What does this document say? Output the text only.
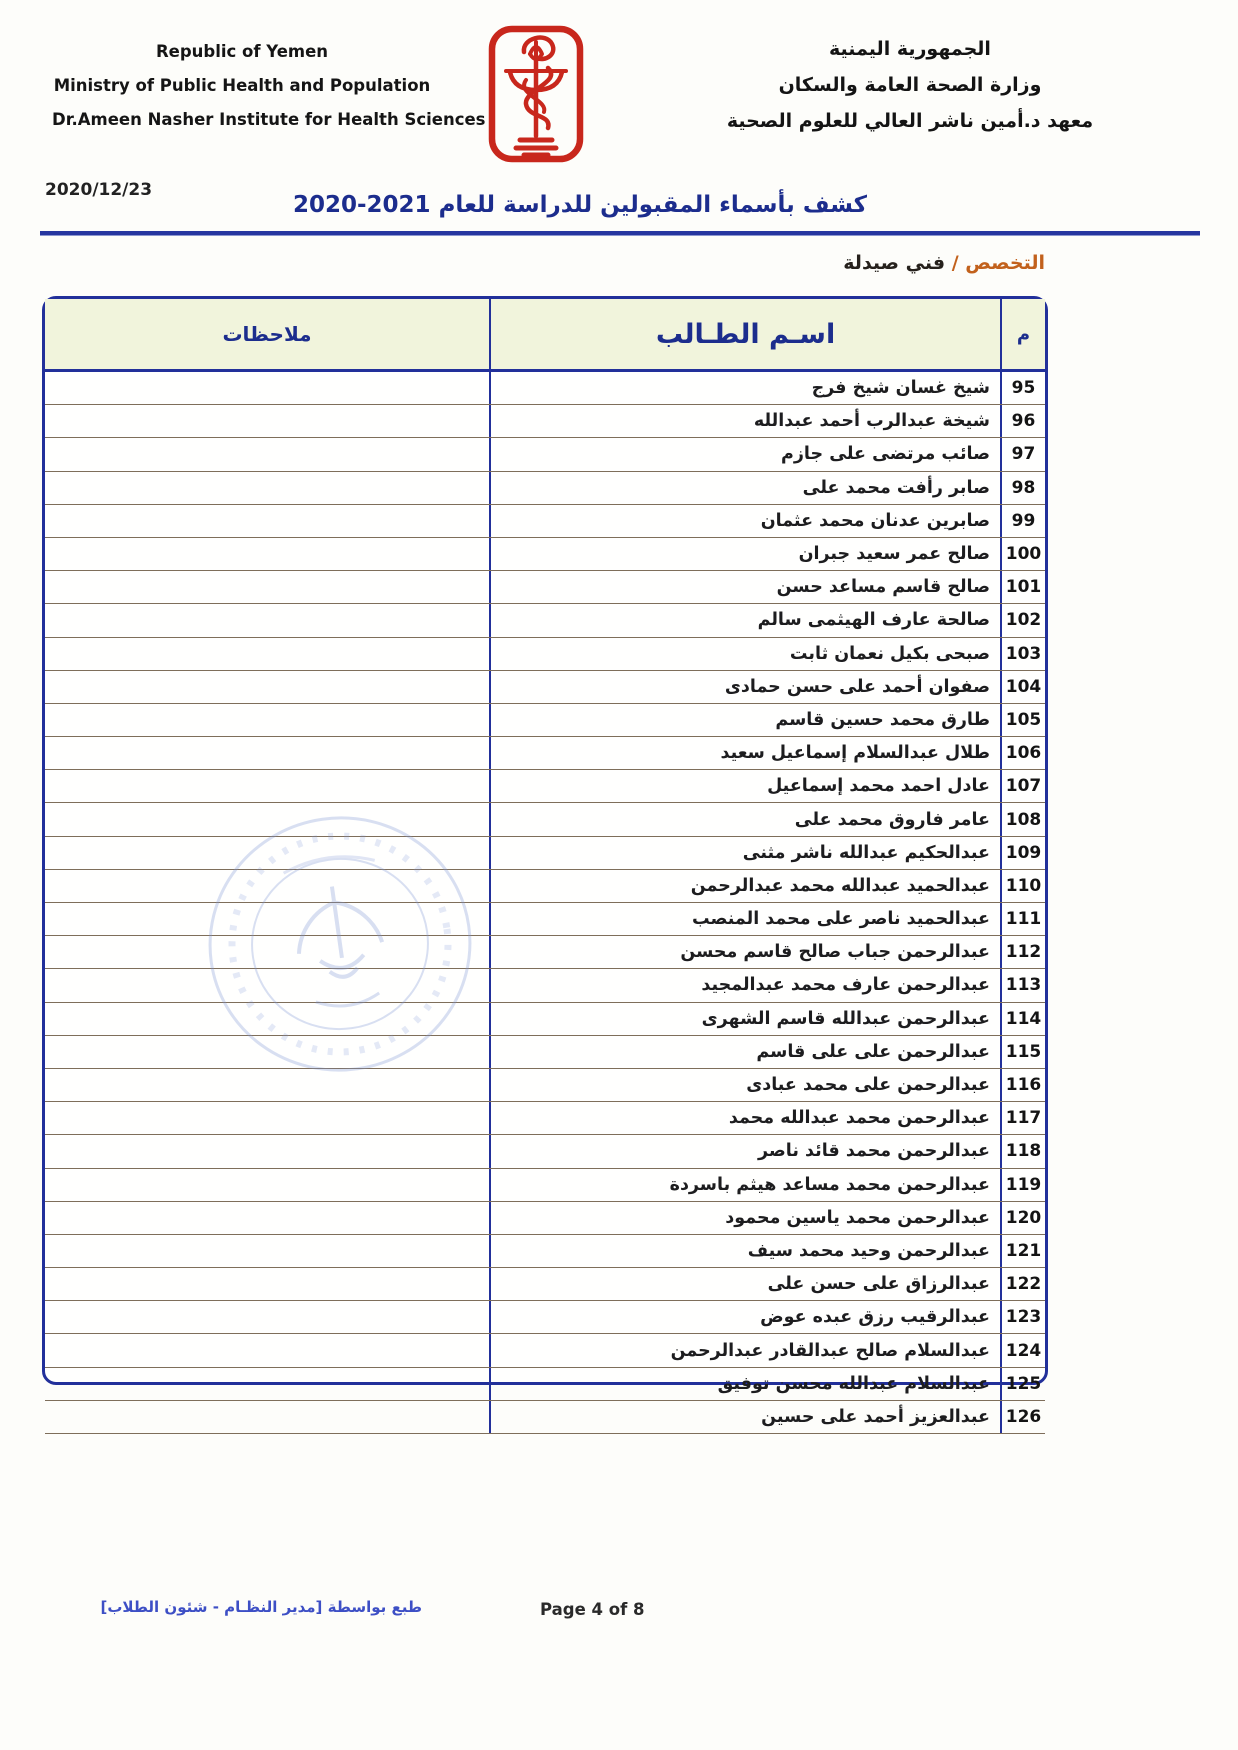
Republic of Yemen
Ministry of Public Health and Population
Dr.Ameen Nasher Institute for Health Sciences
الجمهورية اليمنية
وزارة الصحة العامة والسكان
معهد د.أمين ناشر العالي للعلوم الصحية
2020/12/23
كشف بأسماء المقبولين للدراسة للعام 2021-2020
التخصص / فني صيدلة
ملاحظات	اسـم الطـالب	م
شيخ غسان شيخ فرج	95
شيخة عبدالرب أحمد عبدالله	96
صائب مرتضى على جازم	97
صابر رأفت محمد على	98
صابرين عدنان محمد عثمان	99
صالح عمر سعيد جبران 100
صالح قاسم مساعد حسن 101
صالحة عارف الهيثمى سالم 102
صبحى بكيل نعمان ثابت 103
صفوان أحمد على حسن حمادى 104
طارق محمد حسين قاسم 105
طلال عبدالسلام إسماعيل سعيد 106
عادل احمد محمد إسماعيل 107
عامر فاروق محمد على 108
عبدالحكيم عبدالله ناشر مثنى 109
عبدالحميد عبدالله محمد عبدالرحمن 110
عبدالحميد ناصر على محمد المنصب 111
عبدالرحمن جباب صالح قاسم محسن 112
عبدالرحمن عارف محمد عبدالمجيد 113
عبدالرحمن عبدالله قاسم الشهرى 114
عبدالرحمن على على قاسم 115
عبدالرحمن على محمد عبادى 116
عبدالرحمن محمد عبدالله محمد 117
عبدالرحمن محمد قائد ناصر 118
عبدالرحمن محمد مساعد هيثم باسردة 119
عبدالرحمن محمد ياسين محمود 120
عبدالرحمن وحيد محمد سيف 121
عبدالرزاق على حسن على 122
عبدالرقيب رزق عبده عوض 123
عبدالسلام صالح عبدالقادر عبدالرحمن 124
عبدالسلام عبدالله محسن توفيق 125
عبدالعزيز أحمد على حسين 126
طبع بواسطة [مدير النظـام - شئون الطلاب]	Page 4 of 8
